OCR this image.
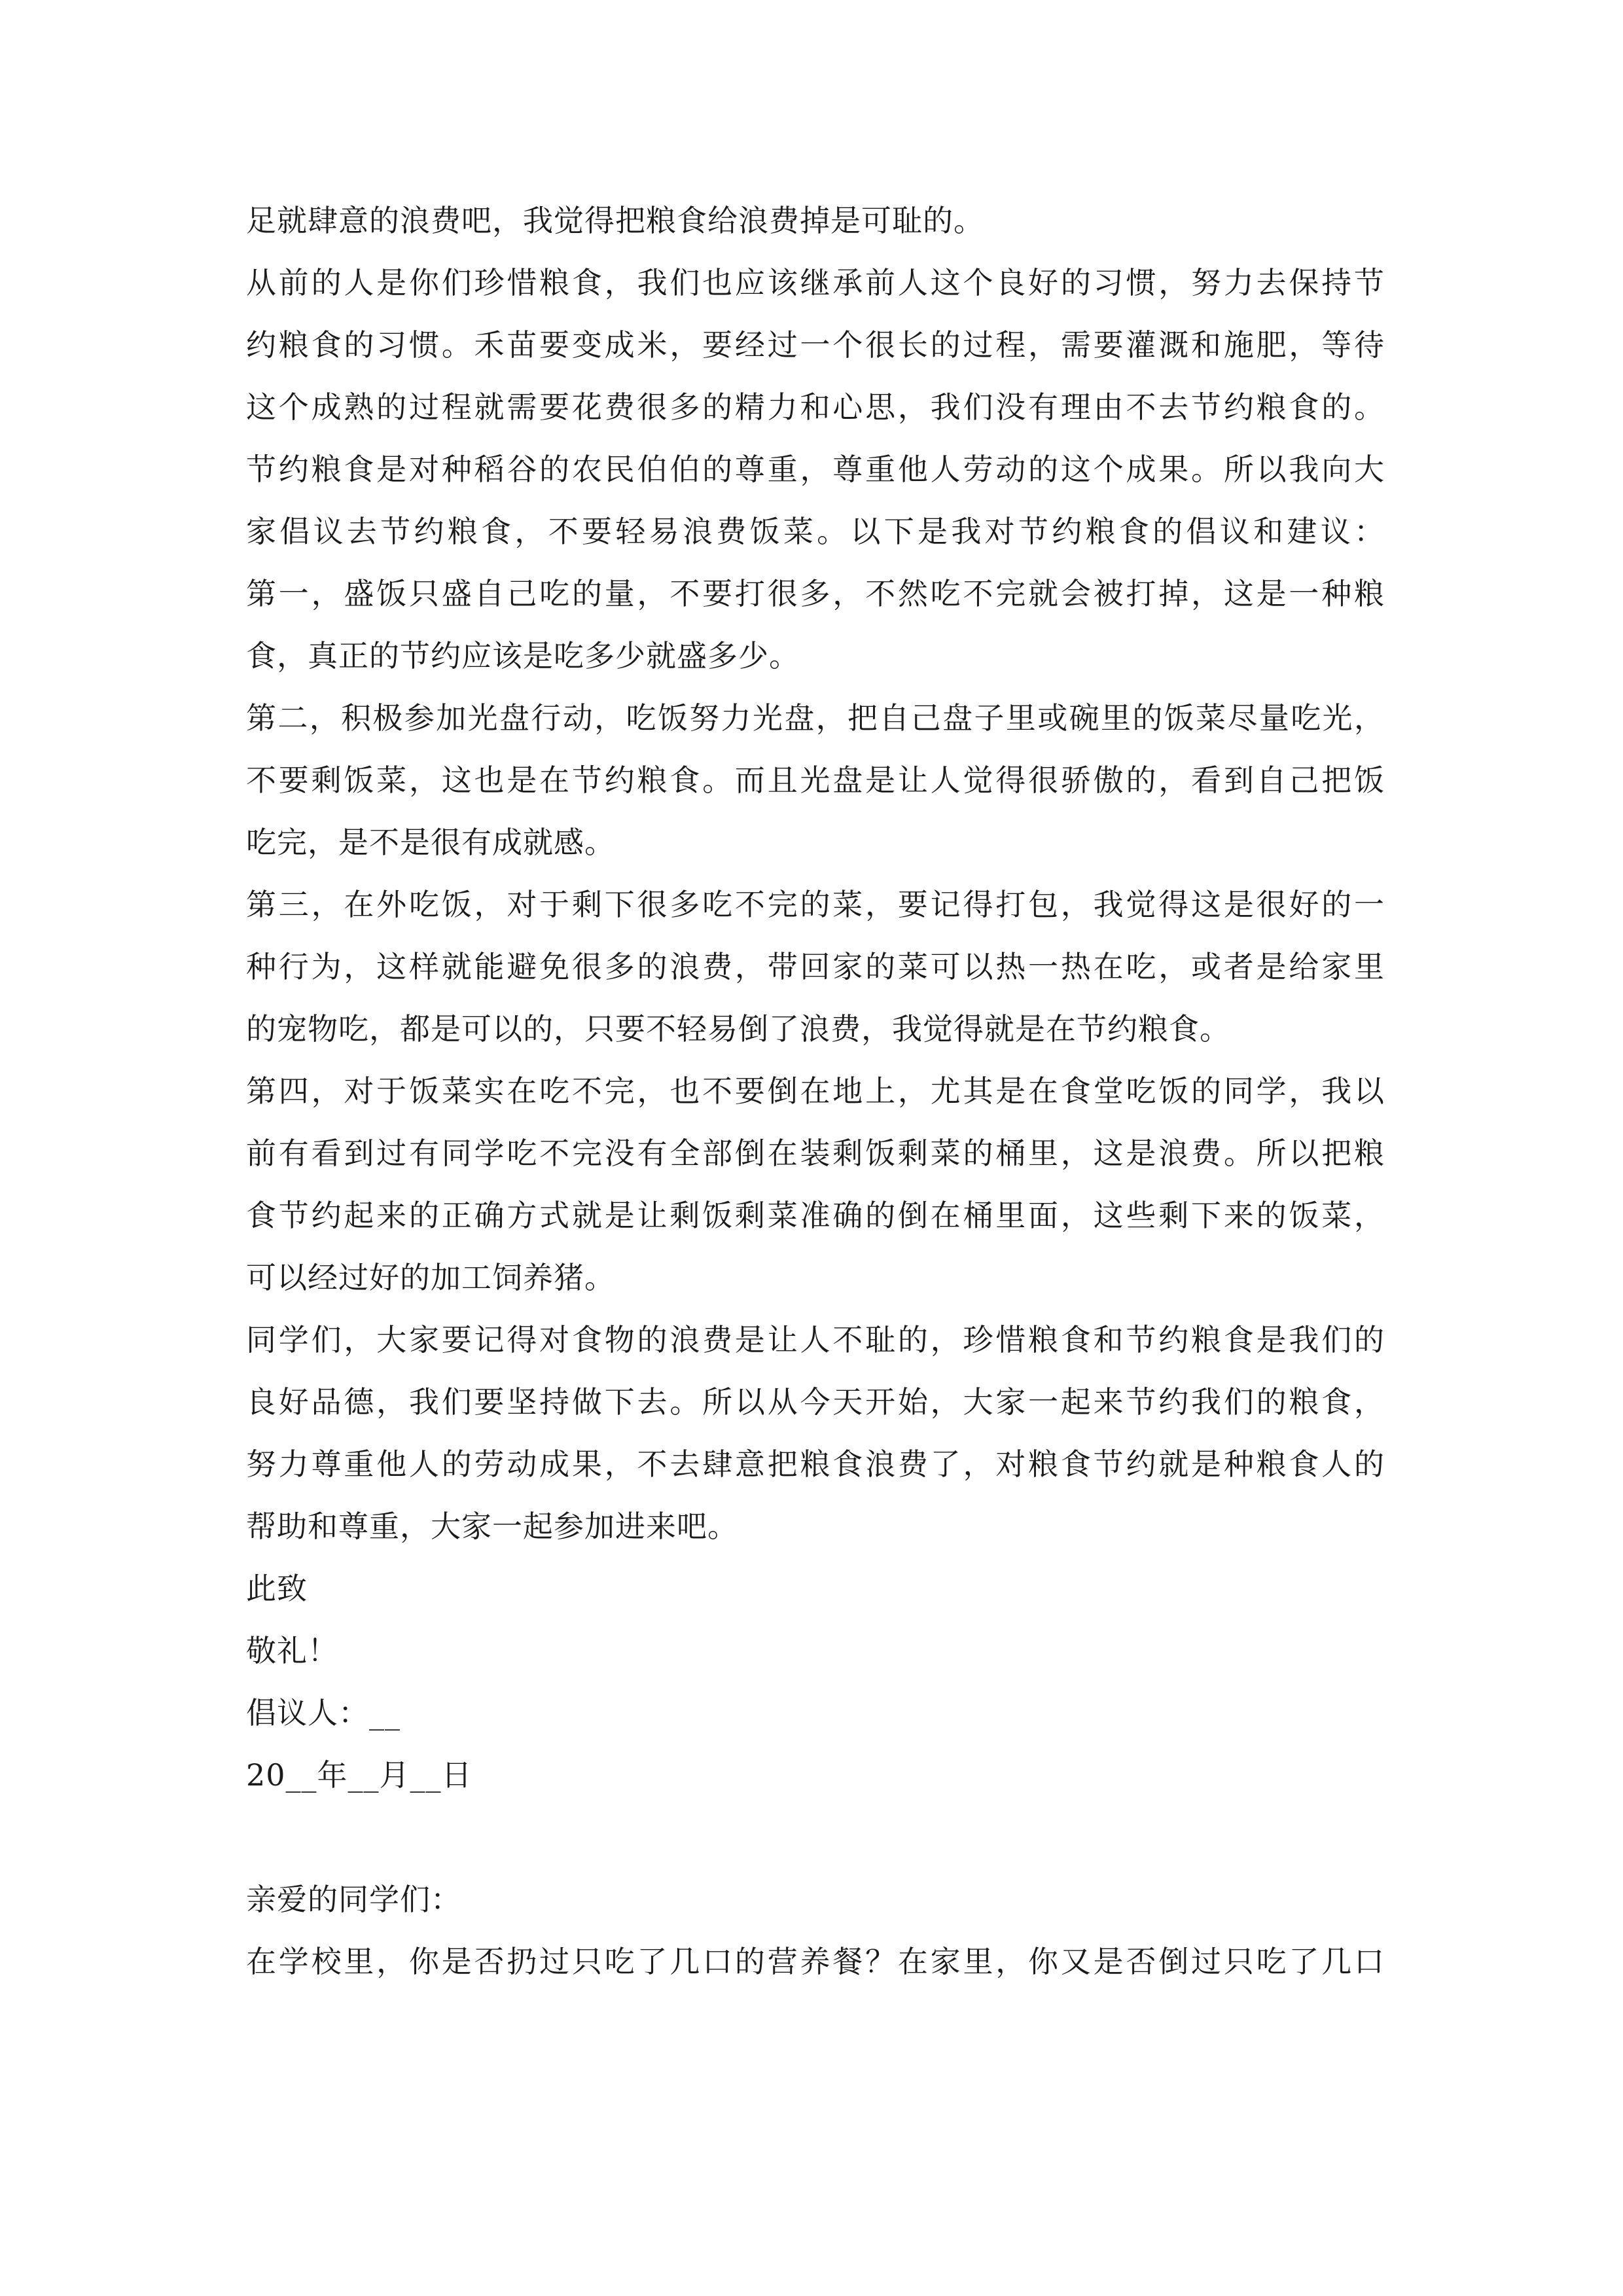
足就肆意的浪费吧，我觉得把粮食给浪费掉是可耻的。
从前的人是你们珍惜粮食，我们也应该继承前人这个良好的习惯，努力去保持节
约粮食的习惯。禾苗要变成米，要经过一个很长的过程，需要灌溉和施肥，等待
这个成熟的过程就需要花费很多的精力和心思，我们没有理由不去节约粮食的。
节约粮食是对种稻谷的农民伯伯的尊重，尊重他人劳动的这个成果。所以我向大
家倡议去节约粮食，不要轻易浪费饭菜。以下是我对节约粮食的倡议和建议：
第一，盛饭只盛自己吃的量，不要打很多，不然吃不完就会被打掉，这是一种粮
食，真正的节约应该是吃多少就盛多少。
第二，积极参加光盘行动，吃饭努力光盘，把自己盘子里或碗里的饭菜尽量吃光，
不要剩饭菜，这也是在节约粮食。而且光盘是让人觉得很骄傲的，看到自己把饭
吃完，是不是很有成就感。
第三，在外吃饭，对于剩下很多吃不完的菜，要记得打包，我觉得这是很好的一
种行为，这样就能避免很多的浪费，带回家的菜可以热一热在吃，或者是给家里
的宠物吃，都是可以的，只要不轻易倒了浪费，我觉得就是在节约粮食。
第四，对于饭菜实在吃不完，也不要倒在地上，尤其是在食堂吃饭的同学，我以
前有看到过有同学吃不完没有全部倒在装剩饭剩菜的桶里，这是浪费。所以把粮
食节约起来的正确方式就是让剩饭剩菜准确的倒在桶里面，这些剩下来的饭菜，
可以经过好的加工饲养猪。
同学们，大家要记得对食物的浪费是让人不耻的，珍惜粮食和节约粮食是我们的
良好品德，我们要坚持做下去。所以从今天开始，大家一起来节约我们的粮食，
努力尊重他人的劳动成果，不去肆意把粮食浪费了，对粮食节约就是种粮食人的
帮助和尊重，大家一起参加进来吧。
此致
敬礼！
倡议人：__
20__年__月__日
亲爱的同学们：
在学校里，你是否扔过只吃了几口的营养餐？在家里，你又是否倒过只吃了几口
